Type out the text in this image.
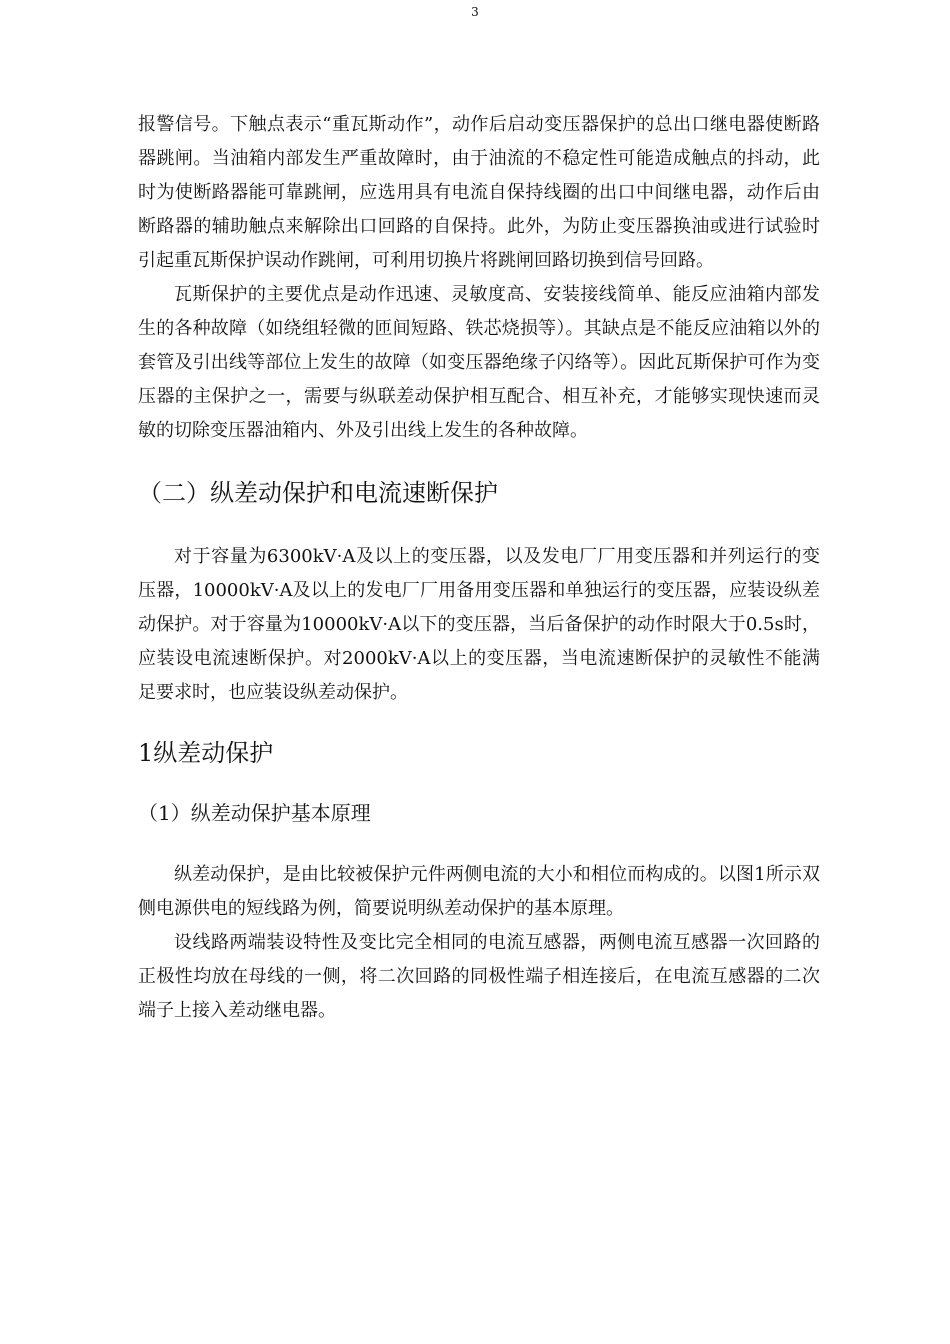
3

报警信号。下触点表示“重瓦斯动作”，动作后启动变压器保护的总出口继电器使断路器跳闸。当油箱内部发生严重故障时，由于油流的不稳定性可能造成触点的抖动，此时为使断路器能可靠跳闸，应选用具有电流自保持线圈的出口中间继电器，动作后由断路器的辅助触点来解除出口回路的自保持。此外，为防止变压器换油或进行试验时引起重瓦斯保护误动作跳闸，可利用切换片将跳闸回路切换到信号回路。

瓦斯保护的主要优点是动作迅速、灵敏度高、安装接线简单、能反应油箱内部发生的各种故障（如绕组轻微的匝间短路、铁芯烧损等）。其缺点是不能反应油箱以外的套管及引出线等部位上发生的故障（如变压器绝缘子闪络等）。因此瓦斯保护可作为变压器的主保护之一，需要与纵联差动保护相互配合、相互补充，才能够实现快速而灵敏的切除变压器油箱内、外及引出线上发生的各种故障。

（二）纵差动保护和电流速断保护

对于容量为6300kV·A及以上的变压器，以及发电厂厂用变压器和并列运行的变压器，10000kV·A及以上的发电厂厂用备用变压器和单独运行的变压器，应装设纵差动保护。对于容量为10000kV·A以下的变压器，当后备保护的动作时限大于0.5s时，应装设电流速断保护。对2000kV·A以上的变压器，当电流速断保护的灵敏性不能满足要求时，也应装设纵差动保护。

1纵差动保护
（1）纵差动保护基本原理

纵差动保护，是由比较被保护元件两侧电流的大小和相位而构成的。以图1所示双侧电源供电的短线路为例，简要说明纵差动保护的基本原理。

设线路两端装设特性及变比完全相同的电流互感器，两侧电流互感器一次回路的正极性均放在母线的一侧，将二次回路的同极性端子相连接后，在电流互感器的二次端子上接入差动继电器。
